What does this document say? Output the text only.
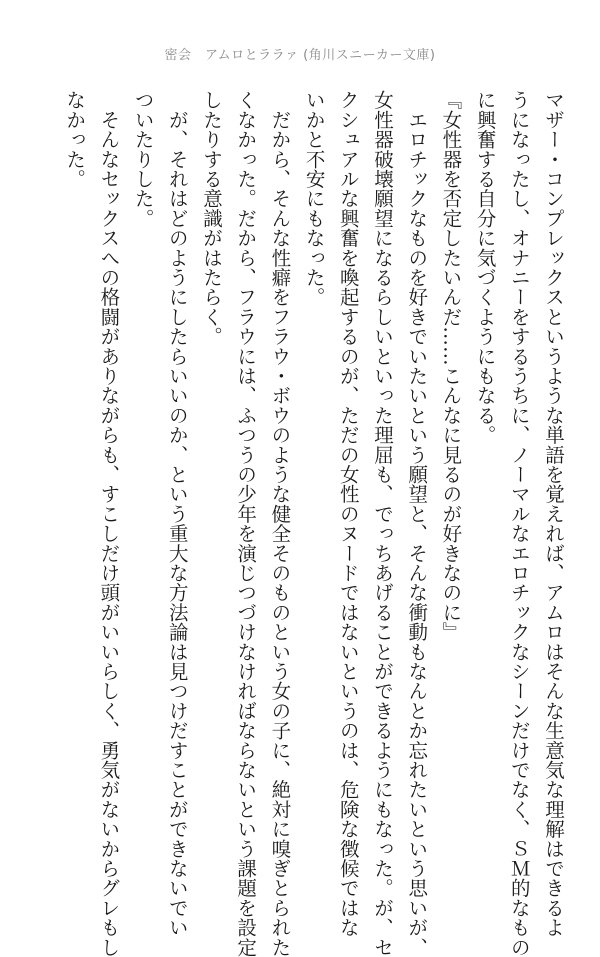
密会　アムロとララァ (角川スニーカー文庫)
マザー・コンプレックスというような単語を覚えれば、アムロはそんな生意気な理解はできるよ
うになったし、オナニーをするうちに、ノーマルなエロチックなシーンだけでなく、ＳＭ的なもの
に興奮する自分に気づくようにもなる。
『女性器を否定したいんだ……こんなに見るのが好きなのに』
　エロチックなものを好きでいたいという願望と、そんな衝動もなんとか忘れたいという思いが、
女性器破壊願望になるらしいといった理屈も、でっちあげることができるようにもなった。が、セ
クシュアルな興奮を喚起するのが、ただの女性のヌードではないというのは、危険な徴候ではな
いかと不安にもなった。
　だから、そんな性癖をフラウ・ボウのような健全そのものという女の子に、絶対に嗅ぎとられた
くなかった。だから、フラウには、ふつうの少年を演じつづけなければならないという課題を設定
したりする意識がはたらく。
　が、それはどのようにしたらいいのか、という重大な方法論は見つけだすことができないでい
ついたりした。
　そんなセックスへの格闘がありながらも、すこしだけ頭がいいらしく、勇気がないからグレもし
なかった。
